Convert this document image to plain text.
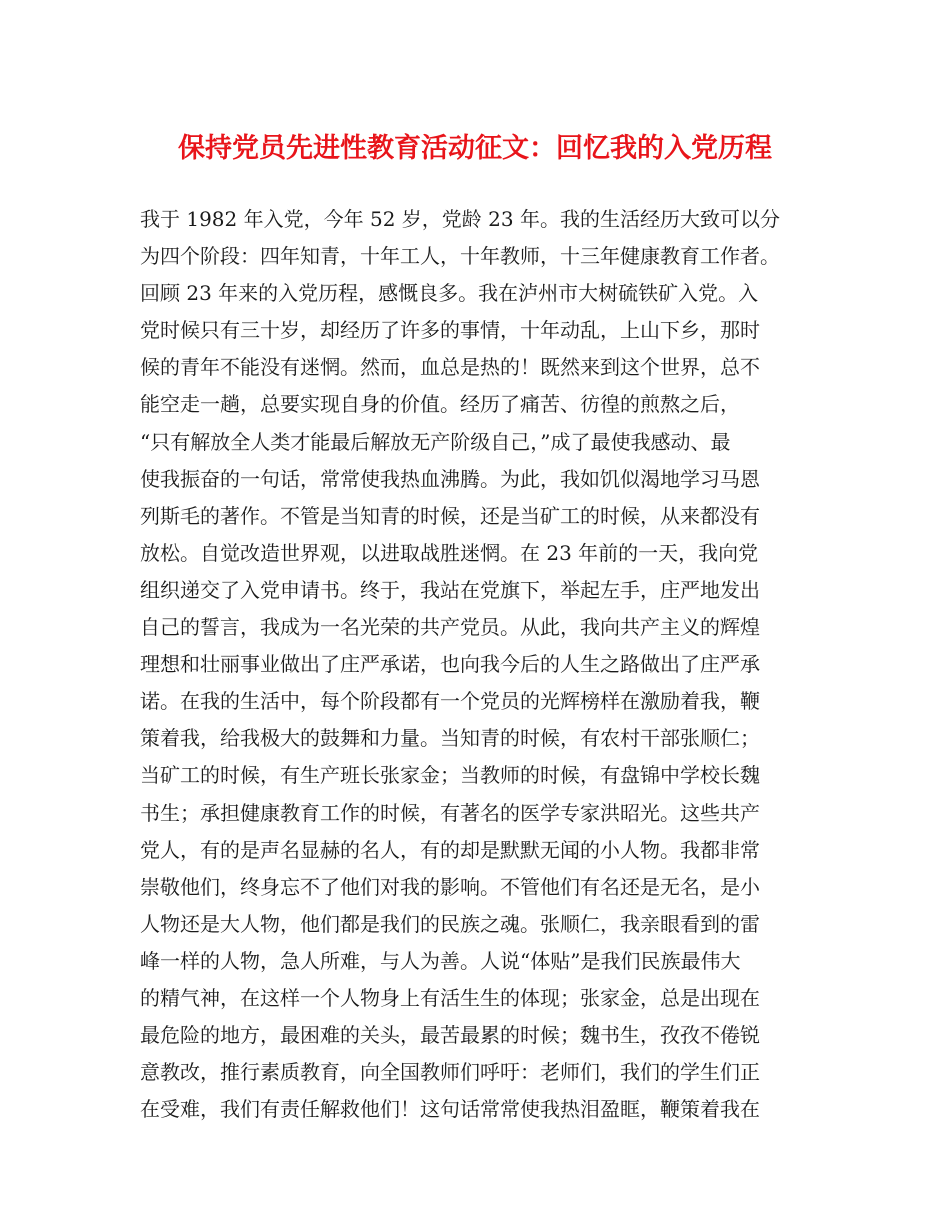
保持党员先进性教育活动征文：回忆我的入党历程
我于 1982 年入党，今年 52 岁，党龄 23 年。我的生活经历大致可以分
为四个阶段：四年知青，十年工人，十年教师，十三年健康教育工作者。
回顾 23 年来的入党历程，感慨良多。我在泸州市大树硫铁矿入党。入
党时候只有三十岁，却经历了许多的事情，十年动乱，上山下乡，那时
候的青年不能没有迷惘。然而，血总是热的！既然来到这个世界，总不
能空走一趟，总要实现自身的价值。经历了痛苦、彷徨的煎熬之后，
“只有解放全人类才能最后解放无产阶级自己，”成了最使我感动、最
使我振奋的一句话，常常使我热血沸腾。为此，我如饥似渴地学习马恩
列斯毛的著作。不管是当知青的时候，还是当矿工的时候，从来都没有
放松。自觉改造世界观，以进取战胜迷惘。在 23 年前的一天，我向党
组织递交了入党申请书。终于，我站在党旗下，举起左手，庄严地发出
自己的誓言，我成为一名光荣的共产党员。从此，我向共产主义的辉煌
理想和壮丽事业做出了庄严承诺，也向我今后的人生之路做出了庄严承
诺。在我的生活中，每个阶段都有一个党员的光辉榜样在激励着我，鞭
策着我，给我极大的鼓舞和力量。当知青的时候，有农村干部张顺仁；
当矿工的时候，有生产班长张家金；当教师的时候，有盘锦中学校长魏
书生；承担健康教育工作的时候，有著名的医学专家洪昭光。这些共产
党人，有的是声名显赫的名人，有的却是默默无闻的小人物。我都非常
崇敬他们，终身忘不了他们对我的影响。不管他们有名还是无名，是小
人物还是大人物，他们都是我们的民族之魂。张顺仁，我亲眼看到的雷
峰一样的人物，急人所难，与人为善。人说“体贴”是我们民族最伟大
的精气神，在这样一个人物身上有活生生的体现；张家金，总是出现在
最危险的地方，最困难的关头，最苦最累的时候；魏书生，孜孜不倦锐
意教改，推行素质教育，向全国教师们呼吁：老师们，我们的学生们正
在受难，我们有责任解救他们！这句话常常使我热泪盈眶，鞭策着我在
